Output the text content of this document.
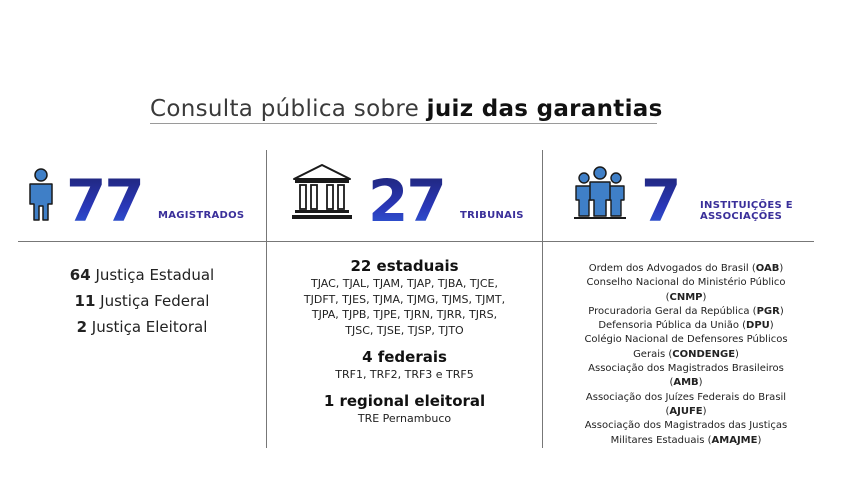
Consulta pública sobre juiz das garantias
77 MAGISTRADOS 27 TRIBUNAIS 7 INSTITUIÇÕES E
ASSOCIAÇÕES
64 Justiça Estadual
11 Justiça Federal
2 Justiça Eleitoral
22 estaduais
TJAC, TJAL, TJAM, TJAP, TJBA, TJCE,
TJDFT, TJES, TJMA, TJMG, TJMS, TJMT,
TJPA, TJPB, TJPE, TJRN, TJRR, TJRS,
TJSC, TJSE, TJSP, TJTO
4 federais
TRF1, TRF2, TRF3 e TRF5
1 regional eleitoral
TRE Pernambuco
Ordem dos Advogados do Brasil (OAB)
Conselho Nacional do Ministério Público
(CNMP)
Procuradoria Geral da República (PGR)
Defensoria Pública da União (DPU)
Colégio Nacional de Defensores Públicos
Gerais (CONDENGE)
Associação dos Magistrados Brasileiros
(AMB)
Associação dos Juízes Federais do Brasil
(AJUFE)
Associação dos Magistrados das Justiças
Militares Estaduais (AMAJME)
